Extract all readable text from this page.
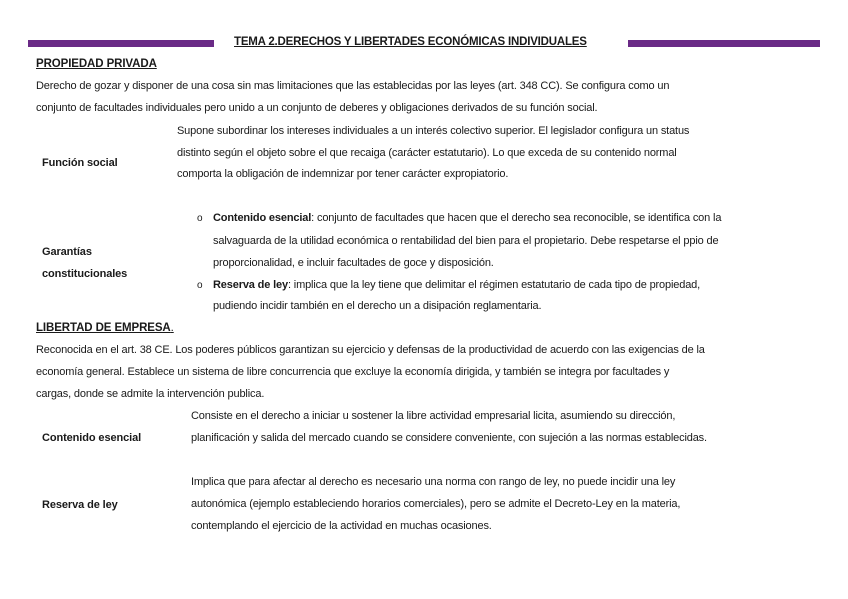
TEMA 2.DERECHOS Y LIBERTADES ECONÓMICAS INDIVIDUALES
PROPIEDAD PRIVADA
Derecho de gozar y disponer de una cosa sin mas limitaciones que las establecidas por las leyes (art. 348 CC). Se configura como un
conjunto de facultades individuales pero unido a un conjunto de deberes y obligaciones derivados de su función social.
Función social
Supone subordinar los intereses individuales a un interés colectivo superior. El legislador configura un status
distinto según el objeto sobre el que recaiga (carácter estatutario). Lo que exceda de su contenido normal
comporta la obligación de indemnizar por tener carácter expropiatorio.
Garantías
constitucionales
o Contenido esencial: conjunto de facultades que hacen que el derecho sea reconocible, se identifica con la
salvaguarda de la utilidad económica o rentabilidad del bien para el propietario. Debe respetarse el ppio de
proporcionalidad, e incluir facultades de goce y disposición.
o Reserva de ley: implica que la ley tiene que delimitar el régimen estatutario de cada tipo de propiedad,
pudiendo incidir también en el derecho un a disipación reglamentaria.
LIBERTAD DE EMPRESA.
Reconocida en el art. 38 CE. Los poderes públicos garantizan su ejercicio y defensas de la productividad de acuerdo con las exigencias de la
economía general. Establece un sistema de libre concurrencia que excluye la economía dirigida, y también se integra por facultades y
cargas, donde se admite la intervención publica.
Contenido esencial
Consiste en el derecho a iniciar u sostener la libre actividad empresarial licita, asumiendo su dirección,
planificación y salida del mercado cuando se considere conveniente, con sujeción a las normas establecidas.
Reserva de ley
Implica que para afectar al derecho es necesario una norma con rango de ley, no puede incidir una ley
autonómica (ejemplo estableciendo horarios comerciales), pero se admite el Decreto-Ley en la materia,
contemplando el ejercicio de la actividad en muchas ocasiones.
